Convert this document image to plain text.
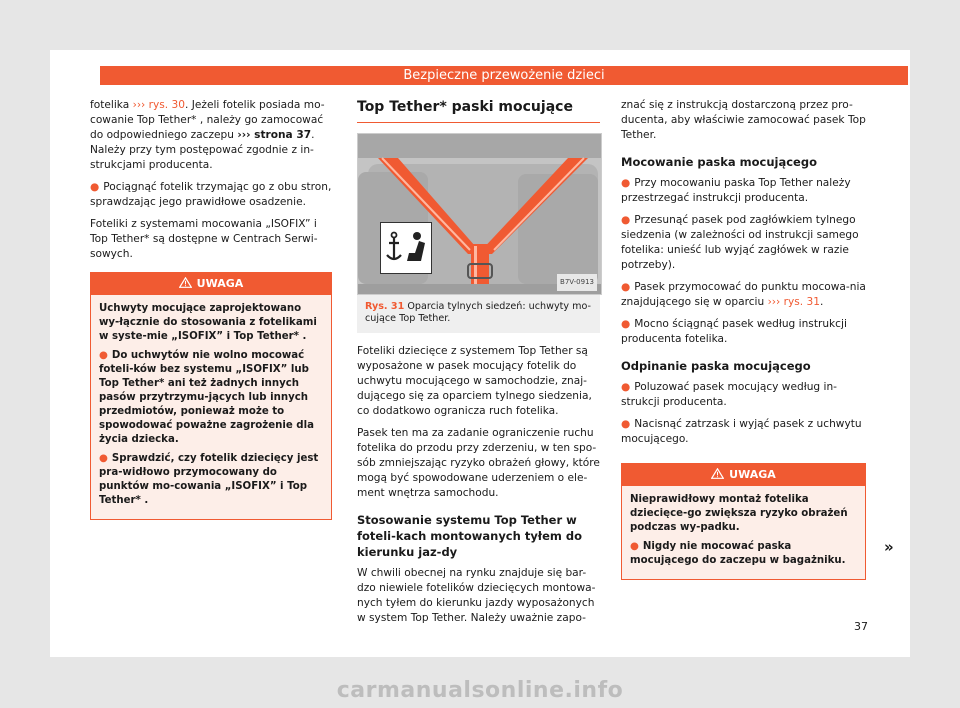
Bezpieczne przewożenie dzieci

fotelika ››› rys. 30. Jeżeli fotelik posiada mo-cowanie Top Tether* , należy go zamocować do odpowiedniego zaczepu ››› strona 37. Należy przy tym postępować zgodnie z in-strukcjami producenta.

● Pociągnąć fotelik trzymając go z obu stron, sprawdzając jego prawidłowe osadzenie.

Foteliki z systemami mocowania „ISOFIX” i Top Tether* są dostępne w Centrach Serwi-sowych.

UWAGA

Uchwyty mocujące zaprojektowano wy-łącznie do stosowania z fotelikami w syste-mie „ISOFIX” i Top Tether* .

● Do uchwytów nie wolno mocować foteli-ków bez systemu „ISOFIX” lub Top Tether* ani też żadnych innych pasów przytrzymu-jących lub innych przedmiotów, ponieważ może to spowodować poważne zagrożenie dla życia dziecka.

● Sprawdzić, czy fotelik dziecięcy jest pra-widłowo przymocowany do punktów mo-cowania „ISOFIX” i Top Tether* .

Top Tether* paski mocujące
B7V-0913
Rys. 31 Oparcia tylnych siedzeń: uchwyty mo-cujące Top Tether.

Foteliki dziecięce z systemem Top Tether są wyposażone w pasek mocujący fotelik do uchwytu mocującego w samochodzie, znaj-dującego się za oparciem tylnego siedzenia, co dodatkowo ogranicza ruch fotelika.

Pasek ten ma za zadanie ograniczenie ruchu fotelika do przodu przy zderzeniu, w ten spo-sób zmniejszając ryzyko obrażeń głowy, które mogą być spowodowane uderzeniem o ele-ment wnętrza samochodu.

Stosowanie systemu Top Tether w foteli-kach montowanych tyłem do kierunku jaz-dy

W chwili obecnej na rynku znajduje się bar-dzo niewiele fotelików dziecięcych montowa-nych tyłem do kierunku jazdy wyposażonych w system Top Tether. Należy uważnie zapo-

znać się z instrukcją dostarczoną przez pro-ducenta, aby właściwie zamocować pasek Top Tether.

Mocowanie paska mocującego

● Przy mocowaniu paska Top Tether należy przestrzegać instrukcji producenta.

● Przesunąć pasek pod zagłówkiem tylnego siedzenia (w zależności od instrukcji samego fotelika: unieść lub wyjąć zagłówek w razie potrzeby).

● Pasek przymocować do punktu mocowa-nia znajdującego się w oparciu ››› rys. 31.

● Mocno ściągnąć pasek według instrukcji producenta fotelika.

Odpinanie paska mocującego

● Poluzować pasek mocujący według in-strukcji producenta.

● Nacisnąć zatrzask i wyjąć pasek z uchwytu mocującego.

UWAGA

Nieprawidłowy montaż fotelika dziecięce-go zwiększa ryzyko obrażeń podczas wy-padku.

● Nigdy nie mocować paska mocującego do zaczepu w bagażniku.

»
37
carmanualsonline.info
